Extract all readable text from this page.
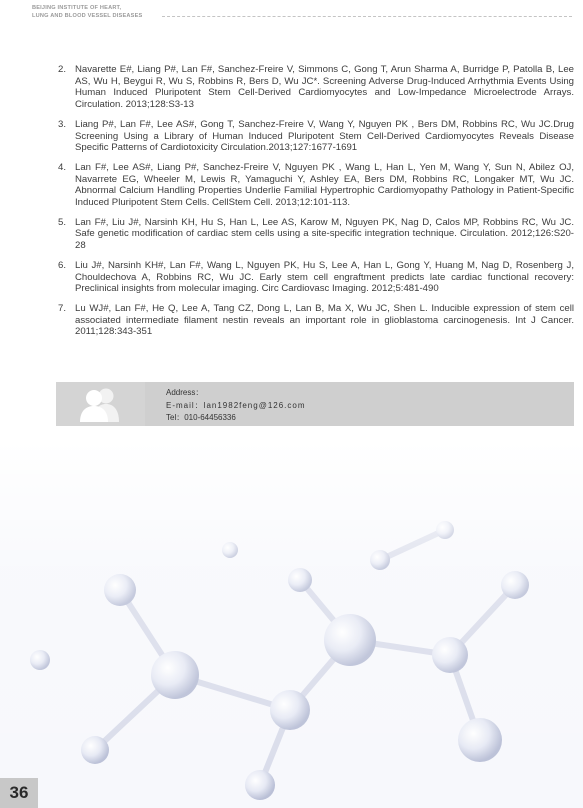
BEIJING INSTITUTE OF HEART,
LUNG AND BLOOD VESSEL DISEASES
2. Navarette E#, Liang P#, Lan F#, Sanchez-Freire V, Simmons C, Gong T, Arun Sharma A, Burridge P, Patolla B, Lee AS, Wu H, Beygui R, Wu S, Robbins R, Bers D, Wu JC*. Screening Adverse Drug-Induced Arrhythmia Events Using Human Induced Pluripotent Stem Cell-Derived Cardiomyocytes and Low-Impedance Microelectrode Arrays. Circulation. 2013;128:S3-13
3. Liang P#, Lan F#, Lee AS#, Gong T, Sanchez-Freire V, Wang Y, Nguyen PK , Bers DM, Robbins RC, Wu JC.Drug Screening Using a Library of Human Induced Pluripotent Stem Cell-Derived Cardiomyocytes Reveals Disease Specific Patterns of Cardiotoxicity Circulation.2013;127:1677-1691
4. Lan F#, Lee AS#, Liang P#, Sanchez-Freire V, Nguyen PK , Wang L, Han L, Yen M, Wang Y, Sun N, Abilez OJ, Navarrete EG, Wheeler M, Lewis R, Yamaguchi Y, Ashley EA, Bers DM, Robbins RC, Longaker MT, Wu JC. Abnormal Calcium Handling Properties Underlie Familial Hypertrophic Cardiomyopathy Pathology in Patient-Specific Induced Pluripotent Stem Cells. CellStem Cell. 2013;12:101-113.
5. Lan F#, Liu J#, Narsinh KH, Hu S, Han L, Lee AS, Karow M, Nguyen PK, Nag D, Calos MP, Robbins RC, Wu JC. Safe genetic modification of cardiac stem cells using a site-specific integration technique. Circulation. 2012;126:S20-28
6. Liu J#, Narsinh KH#, Lan F#, Wang L, Nguyen PK, Hu S, Lee A, Han L, Gong Y, Huang M, Nag D, Rosenberg J, Chouldechova A, Robbins RC, Wu JC. Early stem cell engraftment predicts late cardiac functional recovery: Preclinical insights from molecular imaging. Circ Cardiovasc Imaging. 2012;5:481-490
7. Lu WJ#, Lan F#, He Q, Lee A, Tang CZ, Dong L, Lan B, Ma X, Wu JC, Shen L. Inducible expression of stem cell associated intermediate filament nestin reveals an important role in glioblastoma carcinogenesis. Int J Cancer. 2011;128:343-351
Address：
E-mail：lan1982feng@126.com
Tel：010-64456336
36
